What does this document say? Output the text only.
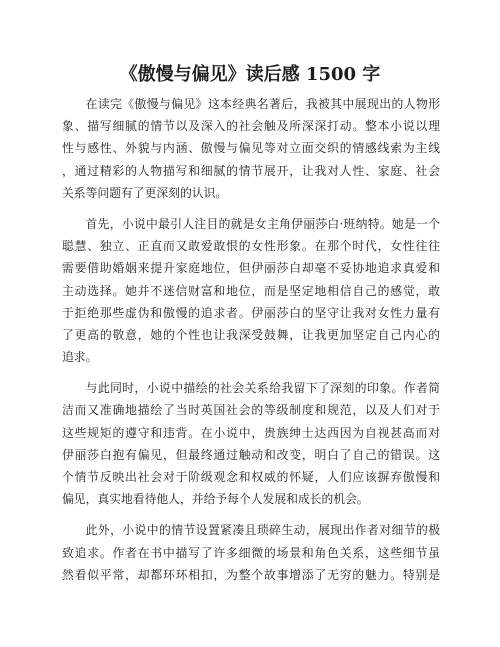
《傲慢与偏见》读后感 1500 字
在读完《傲慢与偏见》这本经典名著后，我被其中展现出的人物形
象、描写细腻的情节以及深入的社会触及所深深打动。整本小说以理
性与感性、外貌与内涵、傲慢与偏见等对立面交织的情感线索为主线
，通过精彩的人物描写和细腻的情节展开，让我对人性、家庭、社会
关系等问题有了更深刻的认识。
首先，小说中最引人注目的就是女主角伊丽莎白·班纳特。她是一个
聪慧、独立、正直而又敢爱敢恨的女性形象。在那个时代，女性往往
需要借助婚姻来提升家庭地位，但伊丽莎白却毫不妥协地追求真爱和
主动选择。她并不迷信财富和地位，而是坚定地相信自己的感觉，敢
于拒绝那些虚伪和傲慢的追求者。伊丽莎白的坚守让我对女性力量有
了更高的敬意，她的个性也让我深受鼓舞，让我更加坚定自己内心的
追求。
与此同时，小说中描绘的社会关系给我留下了深刻的印象。作者简
洁而又准确地描绘了当时英国社会的等级制度和规范，以及人们对于
这些规矩的遵守和违背。在小说中，贵族绅士达西因为自视甚高而对
伊丽莎白抱有偏见，但最终通过触动和改变，明白了自己的错误。这
个情节反映出社会对于阶级观念和权威的怀疑，人们应该摒弃傲慢和
偏见，真实地看待他人，并给予每个人发展和成长的机会。
此外，小说中的情节设置紧凑且琐碎生动，展现出作者对细节的极
致追求。作者在书中描写了许多细微的场景和角色关系，这些细节虽
然看似平常，却都环环相扣，为整个故事增添了无穷的魅力。特别是
